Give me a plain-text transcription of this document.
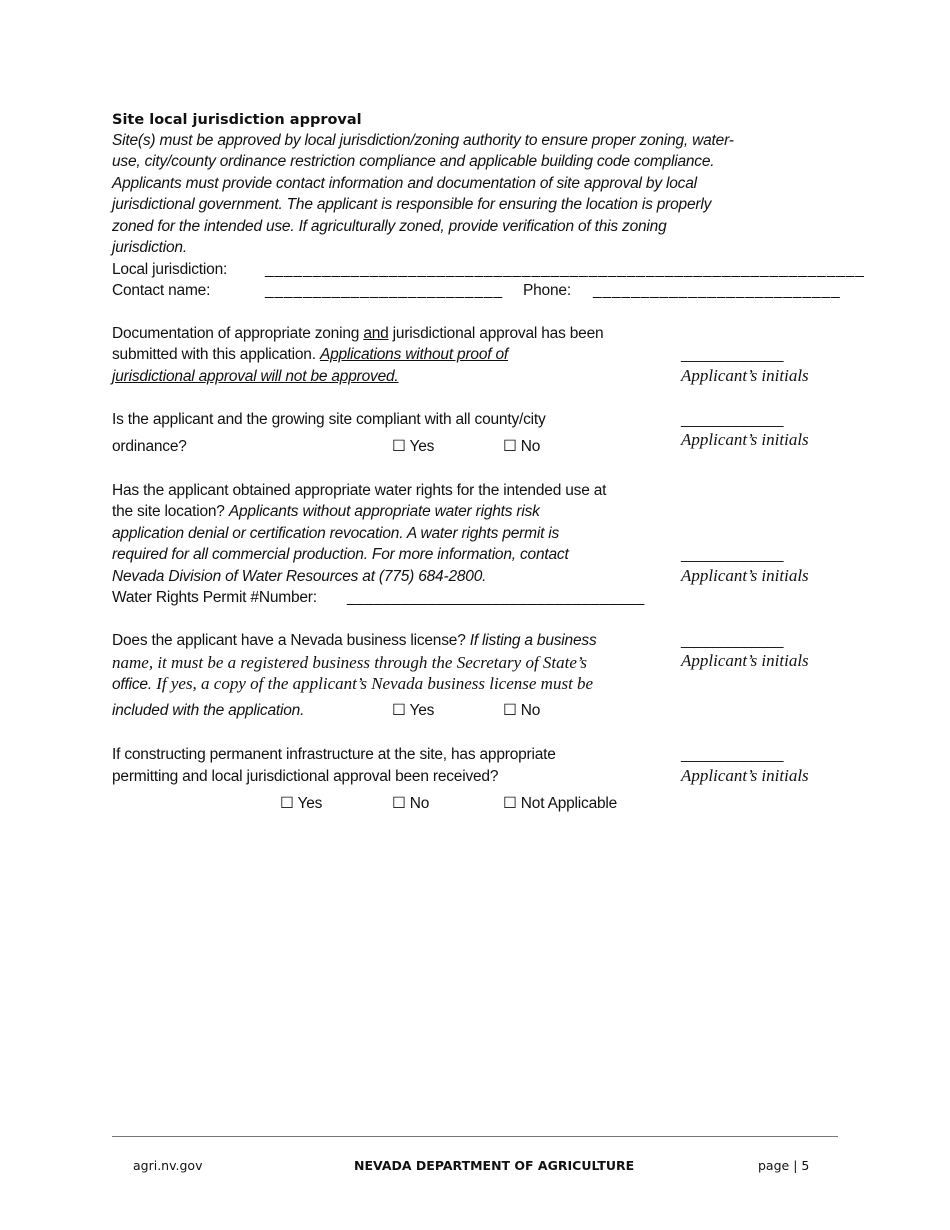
Site local jurisdiction approval
Site(s) must be approved by local jurisdiction/zoning authority to ensure proper zoning, water-
use, city/county ordinance restriction compliance and applicable building code compliance.
Applicants must provide contact information and documentation of site approval by local
jurisdictional government. The applicant is responsible for ensuring the location is properly
zoned for the intended use. If agriculturally zoned, provide verification of this zoning
jurisdiction.
Local jurisdiction: _______________________________________________________________
Contact name:	_________________________ Phone: __________________________
Documentation of appropriate zoning and jurisdictional approval has been
submitted with this application. Applications without proof of
jurisdictional approval will not be approved.
_____________
Applicant’s initials
Is the applicant and the growing site compliant with all county/city
ordinance?	☐ Yes	☐ No
_____________
Applicant’s initials
Has the applicant obtained appropriate water rights for the intended use at
the site location? Applicants without appropriate water rights risk
application denial or certification revocation. A water rights permit is
required for all commercial production. For more information, contact
Nevada Division of Water Resources at (775) 684-2800.
Water Rights Permit #Number: _________________________________
_____________
Applicant’s initials
Does the applicant have a Nevada business license? If listing a business
name, it must be a registered business through the Secretary of State’s
office. If yes, a copy of the applicant’s Nevada business license must be
included with the application.	☐ Yes	☐ No
_____________
Applicant’s initials
If constructing permanent infrastructure at the site, has appropriate
permitting and local jurisdictional approval been received?
☐ Yes	☐ No	☐ Not Applicable
_____________
Applicant’s initials
agri.nv.gov	NEVADA DEPARTMENT OF AGRICULTURE	page | 5
